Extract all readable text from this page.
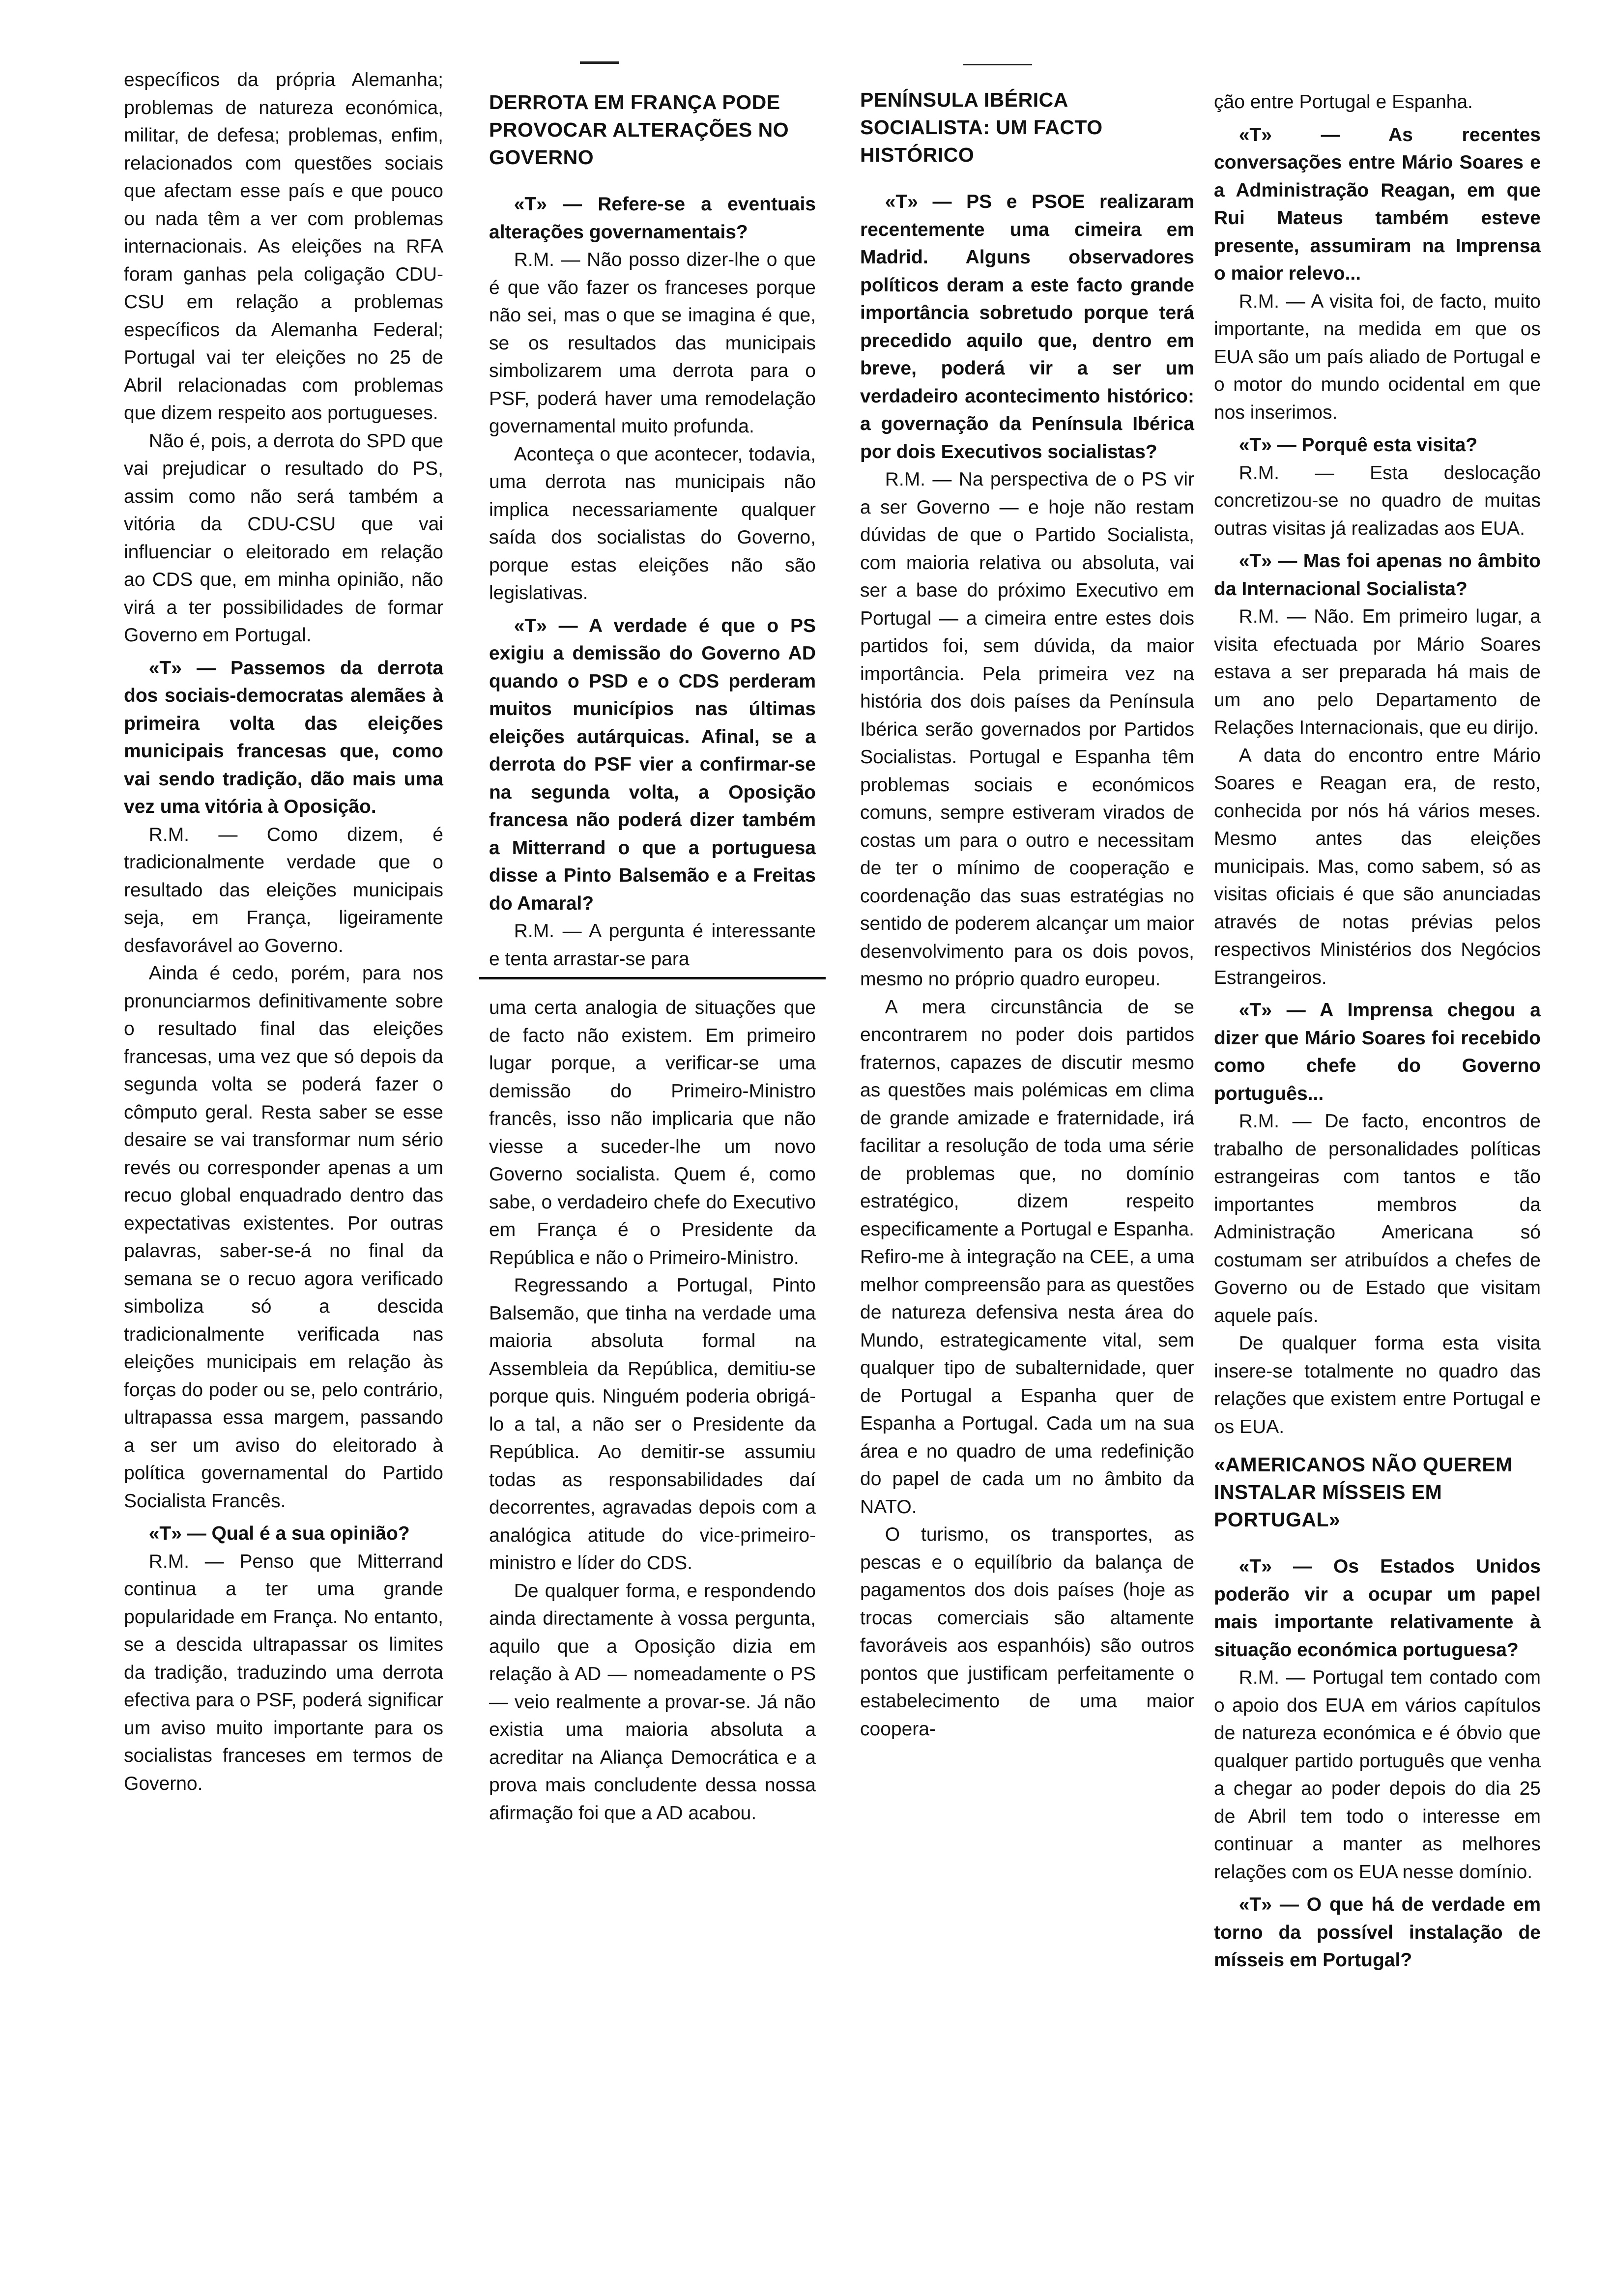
específicos da própria Alemanha; problemas de natureza económica, militar, de defesa; problemas, enfim, relacionados com questões sociais que afectam esse país e que pouco ou nada têm a ver com problemas internacionais. As eleições na RFA foram ganhas pela coligação CDU-CSU em relação a problemas específicos da Alemanha Federal; Portugal vai ter eleições no 25 de Abril relacionadas com problemas que dizem respeito aos portugueses.

Não é, pois, a derrota do SPD que vai prejudicar o resultado do PS, assim como não será também a vitória da CDU-CSU que vai influenciar o eleitorado em relação ao CDS que, em minha opinião, não virá a ter possibilidades de formar Governo em Portugal.

«T» — Passemos da derrota dos sociais-democratas alemães à primeira volta das eleições municipais francesas que, como vai sendo tradição, dão mais uma vez uma vitória à Oposição.

R.M. — Como dizem, é tradicionalmente verdade que o resultado das eleições municipais seja, em França, ligeiramente desfavorável ao Governo.

Ainda é cedo, porém, para nos pronunciarmos definitivamente sobre o resultado final das eleições francesas, uma vez que só depois da segunda volta se poderá fazer o cômputo geral. Resta saber se esse desaire se vai transformar num sério revés ou corresponder apenas a um recuo global enquadrado dentro das expectativas existentes. Por outras palavras, saber-se-á no final da semana se o recuo agora verificado simboliza só a descida tradicionalmente verificada nas eleições municipais em relação às forças do poder ou se, pelo contrário, ultrapassa essa margem, passando a ser um aviso do eleitorado à política governamental do Partido Socialista Francês.

«T» — Qual é a sua opinião?

R.M. — Penso que Mitterrand continua a ter uma grande popularidade em França. No entanto, se a descida ultrapassar os limites da tradição, traduzindo uma derrota efectiva para o PSF, poderá significar um aviso muito importante para os socialistas franceses em termos de Governo.

DERROTA EM FRANÇA PODE PROVOCAR ALTERAÇÕES NO GOVERNO

«T» — Refere-se a eventuais alterações governamentais?

R.M. — Não posso dizer-lhe o que é que vão fazer os franceses porque não sei, mas o que se imagina é que, se os resultados das municipais simbolizarem uma derrota para o PSF, poderá haver uma remodelação governamental muito profunda.

Aconteça o que acontecer, todavia, uma derrota nas municipais não implica necessariamente qualquer saída dos socialistas do Governo, porque estas eleições não são legislativas.

«T» — A verdade é que o PS exigiu a demissão do Governo AD quando o PSD e o CDS perderam muitos municípios nas últimas eleições autárquicas. Afinal, se a derrota do PSF vier a confirmar-se na segunda volta, a Oposição francesa não poderá dizer também a Mitterrand o que a portuguesa disse a Pinto Balsemão e a Freitas do Amaral?

R.M. — A pergunta é interessante e tenta arrastar-se para

uma certa analogia de situações que de facto não existem. Em primeiro lugar porque, a verificar-se uma demissão do Primeiro-Ministro francês, isso não implicaria que não viesse a suceder-lhe um novo Governo socialista. Quem é, como sabe, o verdadeiro chefe do Executivo em França é o Presidente da República e não o Primeiro-Ministro.

Regressando a Portugal, Pinto Balsemão, que tinha na verdade uma maioria absoluta formal na Assembleia da República, demitiu-se porque quis. Ninguém poderia obrigá-lo a tal, a não ser o Presidente da República. Ao demitir-se assumiu todas as responsabilidades daí decorrentes, agravadas depois com a analógica atitude do vice-primeiro-ministro e líder do CDS.

De qualquer forma, e respondendo ainda directamente à vossa pergunta, aquilo que a Oposição dizia em relação à AD — nomeadamente o PS — veio realmente a provar-se. Já não existia uma maioria absoluta a acreditar na Aliança Democrática e a prova mais concludente dessa nossa afirmação foi que a AD acabou.

PENÍNSULA IBÉRICA SOCIALISTA: UM FACTO HISTÓRICO

«T» — PS e PSOE realizaram recentemente uma cimeira em Madrid. Alguns observadores políticos deram a este facto grande importância sobretudo porque terá precedido aquilo que, dentro em breve, poderá vir a ser um verdadeiro acontecimento histórico: a governação da Península Ibérica por dois Executivos socialistas?

R.M. — Na perspectiva de o PS vir a ser Governo — e hoje não restam dúvidas de que o Partido Socialista, com maioria relativa ou absoluta, vai ser a base do próximo Executivo em Portugal — a cimeira entre estes dois partidos foi, sem dúvida, da maior importância. Pela primeira vez na história dos dois países da Península Ibérica serão governados por Partidos Socialistas. Portugal e Espanha têm problemas sociais e económicos comuns, sempre estiveram virados de costas um para o outro e necessitam de ter o mínimo de cooperação e coordenação das suas estratégias no sentido de poderem alcançar um maior desenvolvimento para os dois povos, mesmo no próprio quadro europeu.

A mera circunstância de se encontrarem no poder dois partidos fraternos, capazes de discutir mesmo as questões mais polémicas em clima de grande amizade e fraternidade, irá facilitar a resolução de toda uma série de problemas que, no domínio estratégico, dizem respeito especificamente a Portugal e Espanha. Refiro-me à integração na CEE, a uma melhor compreensão para as questões de natureza defensiva nesta área do Mundo, estrategicamente vital, sem qualquer tipo de subalternidade, quer de Portugal a Espanha quer de Espanha a Portugal. Cada um na sua área e no quadro de uma redefinição do papel de cada um no âmbito da NATO.

O turismo, os transportes, as pescas e o equilíbrio da balança de pagamentos dos dois países (hoje as trocas comerciais são altamente favoráveis aos espanhóis) são outros pontos que justificam perfeitamente o estabelecimento de uma maior coopera-

ção entre Portugal e Espanha.

«T» — As recentes conversações entre Mário Soares e a Administração Reagan, em que Rui Mateus também esteve presente, assumiram na Imprensa o maior relevo...

R.M. — A visita foi, de facto, muito importante, na medida em que os EUA são um país aliado de Portugal e o motor do mundo ocidental em que nos inserimos.

«T» — Porquê esta visita?

R.M. — Esta deslocação concretizou-se no quadro de muitas outras visitas já realizadas aos EUA.

«T» — Mas foi apenas no âmbito da Internacional Socialista?

R.M. — Não. Em primeiro lugar, a visita efectuada por Mário Soares estava a ser preparada há mais de um ano pelo Departamento de Relações Internacionais, que eu dirijo.

A data do encontro entre Mário Soares e Reagan era, de resto, conhecida por nós há vários meses. Mesmo antes das eleições municipais. Mas, como sabem, só as visitas oficiais é que são anunciadas através de notas prévias pelos respectivos Ministérios dos Negócios Estrangeiros.

«T» — A Imprensa chegou a dizer que Mário Soares foi recebido como chefe do Governo português...

R.M. — De facto, encontros de trabalho de personalidades políticas estrangeiras com tantos e tão importantes membros da Administração Americana só costumam ser atribuídos a chefes de Governo ou de Estado que visitam aquele país.

De qualquer forma esta visita insere-se totalmente no quadro das relações que existem entre Portugal e os EUA.

«AMERICANOS NÃO QUEREM INSTALAR MÍSSEIS EM PORTUGAL»

«T» — Os Estados Unidos poderão vir a ocupar um papel mais importante relativamente à situação económica portuguesa?

R.M. — Portugal tem contado com o apoio dos EUA em vários capítulos de natureza económica e é óbvio que qualquer partido português que venha a chegar ao poder depois do dia 25 de Abril tem todo o interesse em continuar a manter as melhores relações com os EUA nesse domínio.

«T» — O que há de verdade em torno da possível instalação de mísseis em Portugal?
